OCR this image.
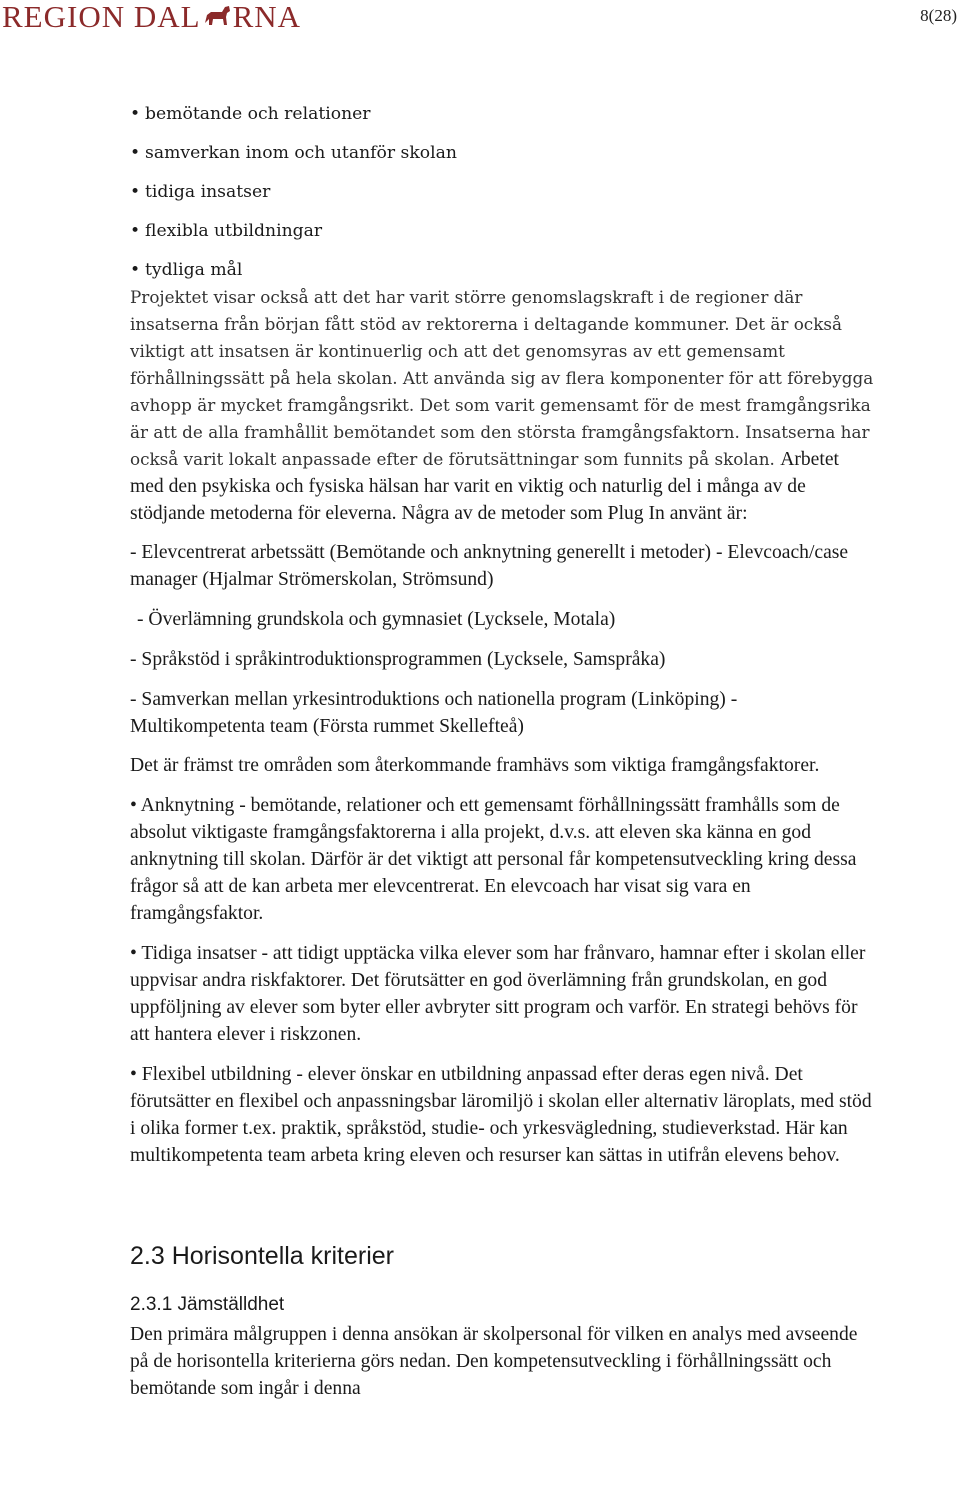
REGION DAL RNA	8(28)
• bemötande och relationer
• samverkan inom och utanför skolan
• tidiga insatser
• flexibla utbildningar
• tydliga mål

Projektet visar också att det har varit större genomslagskraft i de regioner där insatserna från början fått stöd av rektorerna i deltagande kommuner. Det är också viktigt att insatsen är kontinuerlig och att det genomsyras av ett gemensamt förhållningssätt på hela skolan. Att använda sig av flera komponenter för att förebygga avhopp är mycket framgångsrikt. Det som varit gemensamt för de mest framgångsrika är att de alla framhållit bemötandet som den största framgångsfaktorn. Insatserna har också varit lokalt anpassade efter de förutsättningar som funnits på skolan. Arbetet med den psykiska och fysiska hälsan har varit en viktig och naturlig del i många av de stödjande metoderna för eleverna. Några av de metoder som Plug In använt är:

- Elevcentrerat arbetssätt (Bemötande och anknytning generellt i metoder) - Elevcoach/case manager (Hjalmar Strömerskolan, Strömsund)

- Överlämning grundskola och gymnasiet (Lycksele, Motala)

- Språkstöd i språkintroduktionsprogrammen (Lycksele, Samspråka)

- Samverkan mellan yrkesintroduktions och nationella program (Linköping) - Multikompetenta team (Första rummet Skellefteå)

Det är främst tre områden som återkommande framhävs som viktiga framgångsfaktorer.

• Anknytning - bemötande, relationer och ett gemensamt förhållningssätt framhålls som de absolut viktigaste framgångsfaktorerna i alla projekt, d.v.s. att eleven ska känna en god anknytning till skolan. Därför är det viktigt att personal får kompetensutveckling kring dessa frågor så att de kan arbeta mer elevcentrerat. En elevcoach har visat sig vara en framgångsfaktor.

• Tidiga insatser - att tidigt upptäcka vilka elever som har frånvaro, hamnar efter i skolan eller uppvisar andra riskfaktorer. Det förutsätter en god överlämning från grundskolan, en god uppföljning av elever som byter eller avbryter sitt program och varför. En strategi behövs för att hantera elever i riskzonen.

• Flexibel utbildning - elever önskar en utbildning anpassad efter deras egen nivå. Det förutsätter en flexibel och anpassningsbar läromiljö i skolan eller alternativ läroplats, med stöd i olika former t.ex. praktik, språkstöd, studie- och yrkesvägledning, studieverkstad. Här kan multikompetenta team arbeta kring eleven och resurser kan sättas in utifrån elevens behov.

2.3 Horisontella kriterier
2.3.1 Jämställdhet

Den primära målgruppen i denna ansökan är skolpersonal för vilken en analys med avseende på de horisontella kriterierna görs nedan. Den kompetensutveckling i förhållningssätt och bemötande som ingår i denna
